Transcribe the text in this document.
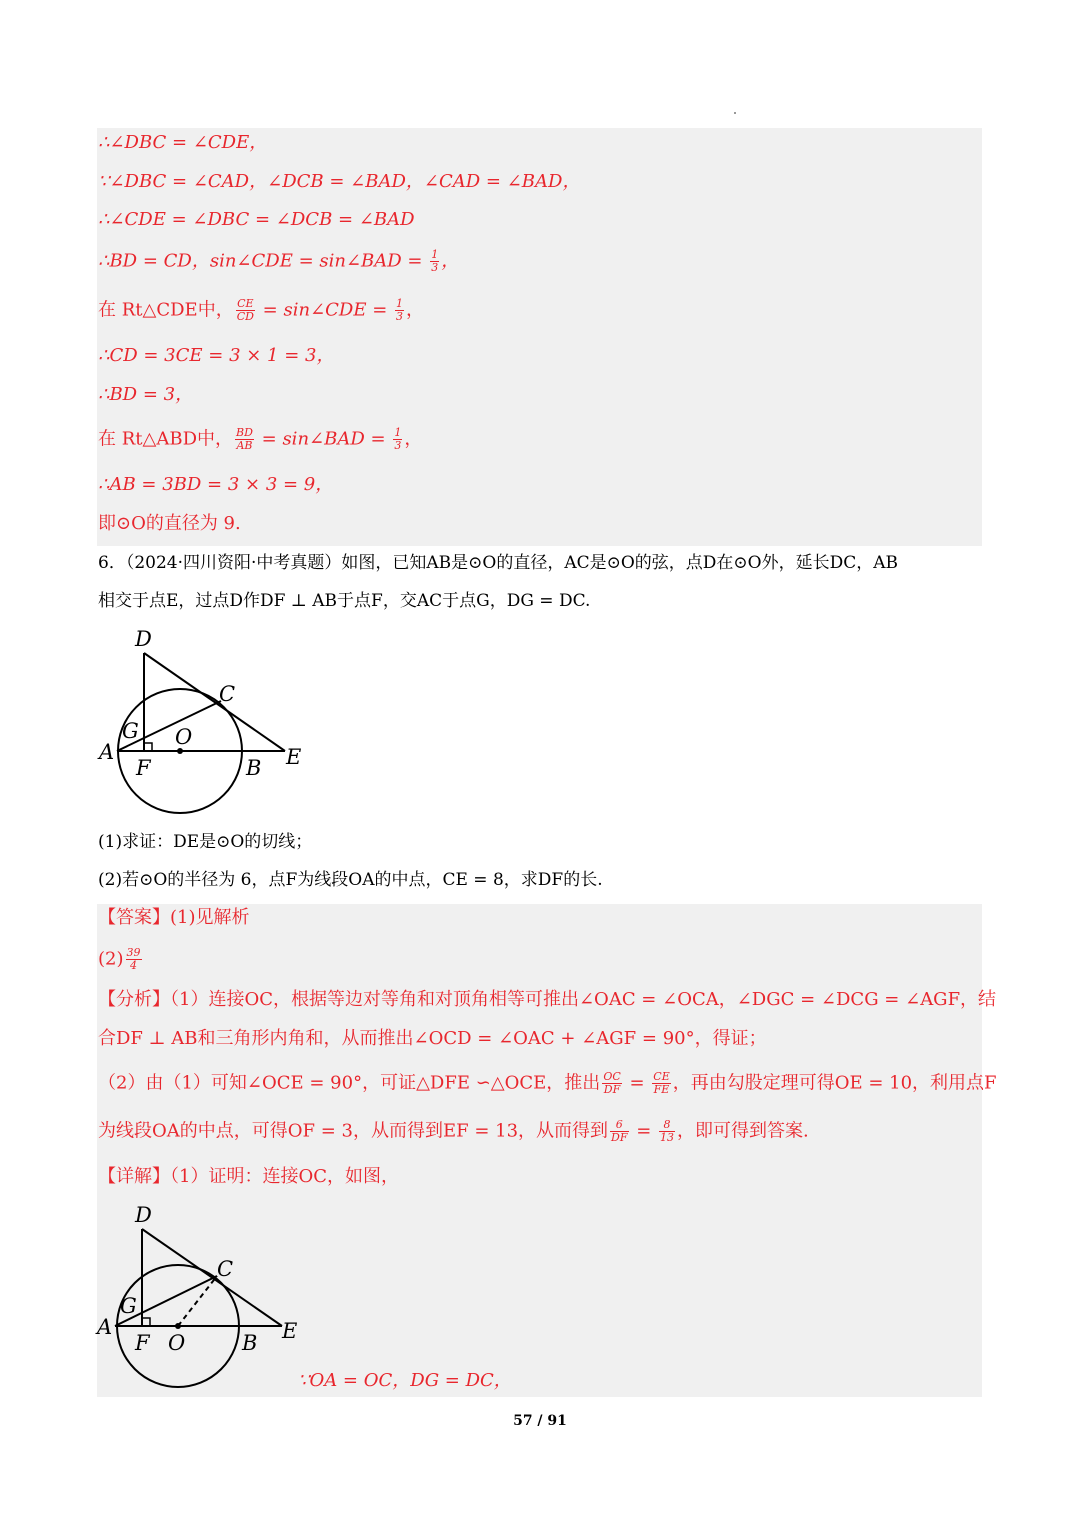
∴∠DBC = ∠CDE，
∵∠DBC = ∠CAD，∠DCB = ∠BAD，∠CAD = ∠BAD，
∴∠CDE = ∠DBC = ∠DCB = ∠BAD
∴BD = CD，sin∠CDE = sin∠BAD = $\frac{1}{3}$ ，
在 Rt△CDE中， $\frac{CE}{CD}$ = sin∠CDE = $\frac{1}{3}$ ，
∴CD = 3CE = 3 × 1 = 3，
∴BD = 3，
在 Rt△ABD中， $\frac{BD}{AB}$ = sin∠BAD = $\frac{1}{3}$ ，
∴AB = 3BD = 3 × 3 = 9，
即⊙O的直径为 9.
6．（2024·四川资阳·中考真题）如图，已知AB是⊙O的直径，AC是⊙O的弦，点D在⊙O外，延长DC，AB
相交于点E，过点D作DF ⊥ AB于点F，交AC于点G，DG = DC.
D
C
G O
A
F	B E
(1)求证：DE是⊙O的切线；
(2)若⊙O的半径为 6，点F为线段OA的中点，CE = 8，求DF的长.
【答案】(1)见解析
$(2) \frac{39}{4}$
【分析】（1）连接OC，根据等边对等角和对顶角相等可推出∠OAC = ∠OCA，∠DGC = ∠DCG = ∠AGF，结
合DF ⊥ AB和三角形内角和，从而推出∠OCD = ∠OAC + ∠AGF = 90°，得证；
（2）由（1）可知∠OCE = 90°，可证△DFE ∽△OCE，推出 $\frac{OC}{DF} = \frac{CE}{FE}$ ，再由勾股定理可得OE = 10，利用点F
为线段OA的中点，可得OF = 3，从而得到EF = 13，从而得到 $\frac{6}{DF} = \frac{8}{13}$ ，即可得到答案.
【详解】（1）证明：连接OC，如图，
D
C
G
O
A
F	B E
∵OA = OC，DG = DC，
57 / 91
